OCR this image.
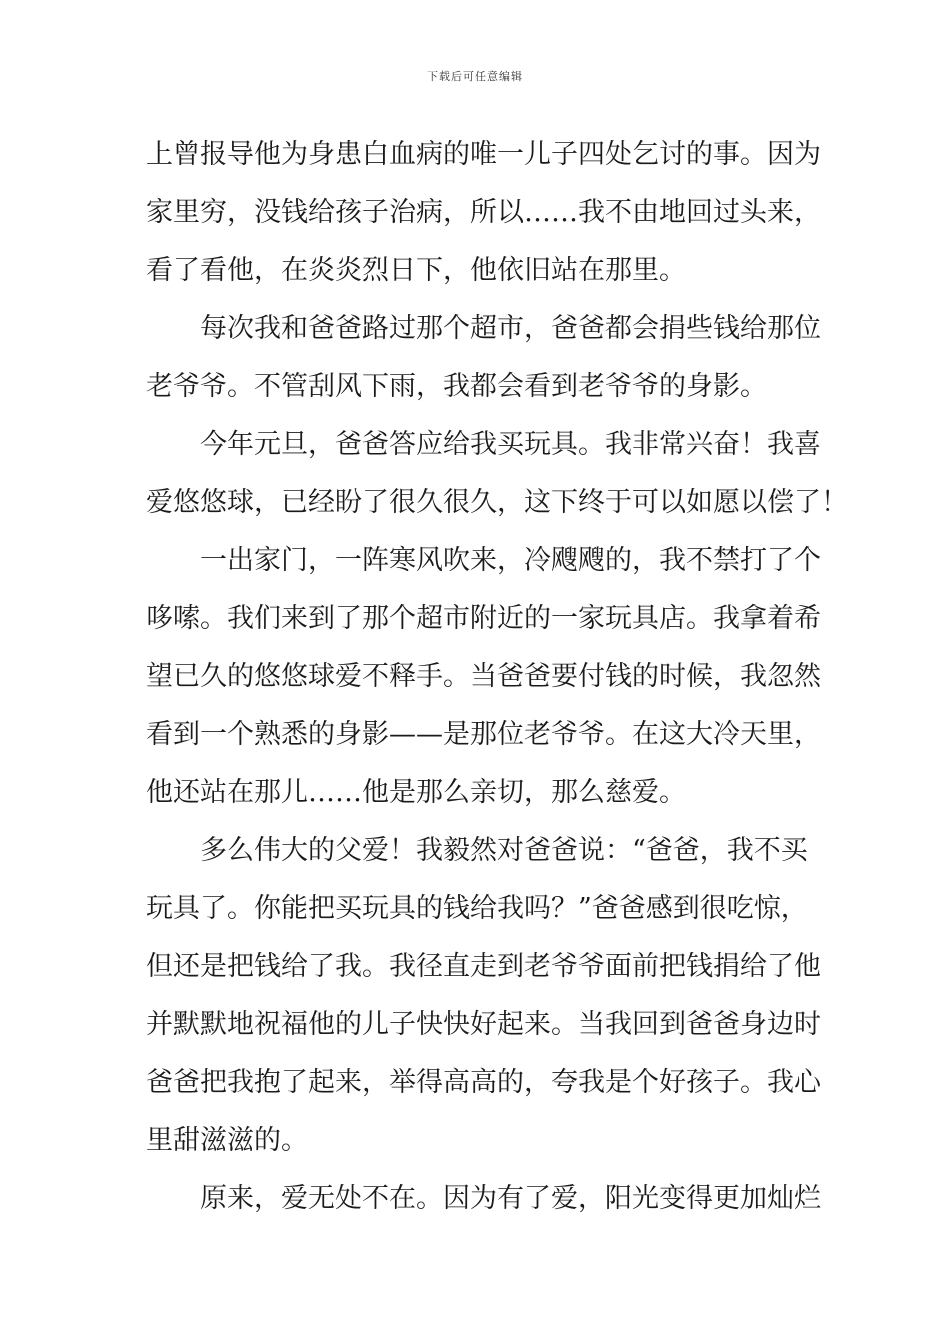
下载后可任意编辑
上曾报导他为身患白血病的唯一儿子四处乞讨的事。因为
家里穷，没钱给孩子治病，所以……我不由地回过头来，
看了看他，在炎炎烈日下，他依旧站在那里。
每次我和爸爸路过那个超市，爸爸都会捐些钱给那位
老爷爷。不管刮风下雨，我都会看到老爷爷的身影。
今年元旦，爸爸答应给我买玩具。我非常兴奋！我喜
爱悠悠球，已经盼了很久很久，这下终于可以如愿以偿了！
一出家门，一阵寒风吹来，冷飕飕的，我不禁打了个
哆嗦。我们来到了那个超市附近的一家玩具店。我拿着希
望已久的悠悠球爱不释手。当爸爸要付钱的时候，我忽然
看到一个熟悉的身影——是那位老爷爷。在这大冷天里，
他还站在那儿……他是那么亲切，那么慈爱。
多么伟大的父爱！我毅然对爸爸说：“爸爸，我不买
玩具了。你能把买玩具的钱给我吗？”爸爸感到很吃惊，
但还是把钱给了我。我径直走到老爷爷面前把钱捐给了他
并默默地祝福他的儿子快快好起来。当我回到爸爸身边时
爸爸把我抱了起来，举得高高的，夸我是个好孩子。我心
里甜滋滋的。
原来，爱无处不在。因为有了爱，阳光变得更加灿烂
